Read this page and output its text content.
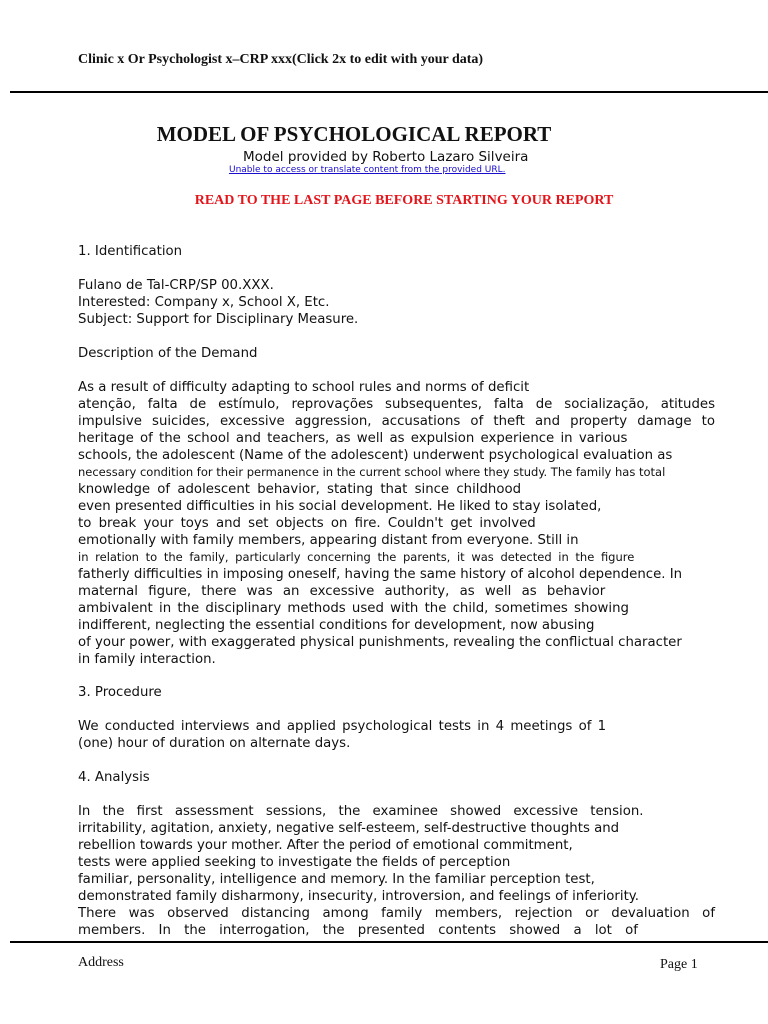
Clinic x Or Psychologist x–CRP xxx(Click 2x to edit with your data)
MODEL OF PSYCHOLOGICAL REPORT
Model provided by Roberto Lazaro Silveira
Unable to access or translate content from the provided URL.
READ TO THE LAST PAGE BEFORE STARTING YOUR REPORT
1. Identification
Fulano de Tal-CRP/SP 00.XXX.
Interested: Company x, School X, Etc.
Subject: Support for Disciplinary Measure.
Description of the Demand
As a result of difficulty adapting to school rules and norms of deficit
atenção, falta de estímulo, reprovações subsequentes, falta de socialização, atitudes
impulsive suicides, excessive aggression, accusations of theft and property damage to
heritage of the school and teachers, as well as expulsion experience in various
schools, the adolescent (Name of the adolescent) underwent psychological evaluation as
necessary condition for their permanence in the current school where they study. The family has total
knowledge of adolescent behavior, stating that since childhood
even presented difficulties in his social development. He liked to stay isolated,
to break your toys and set objects on fire. Couldn't get involved
emotionally with family members, appearing distant from everyone. Still in
in relation to the family, particularly concerning the parents, it was detected in the figure
fatherly difficulties in imposing oneself, having the same history of alcohol dependence. In
maternal figure, there was an excessive authority, as well as behavior
ambivalent in the disciplinary methods used with the child, sometimes showing
indifferent, neglecting the essential conditions for development, now abusing
of your power, with exaggerated physical punishments, revealing the conflictual character
in family interaction.
3. Procedure
We conducted interviews and applied psychological tests in 4 meetings of 1
(one) hour of duration on alternate days.
4. Analysis
In the first assessment sessions, the examinee showed excessive tension.
irritability, agitation, anxiety, negative self-esteem, self-destructive thoughts and
rebellion towards your mother. After the period of emotional commitment,
tests were applied seeking to investigate the fields of perception
familiar, personality, intelligence and memory. In the familiar perception test,
demonstrated family disharmony, insecurity, introversion, and feelings of inferiority.
There was observed distancing among family members, rejection or devaluation of
members. In the interrogation, the presented contents showed a lot of
Address	Page 1
